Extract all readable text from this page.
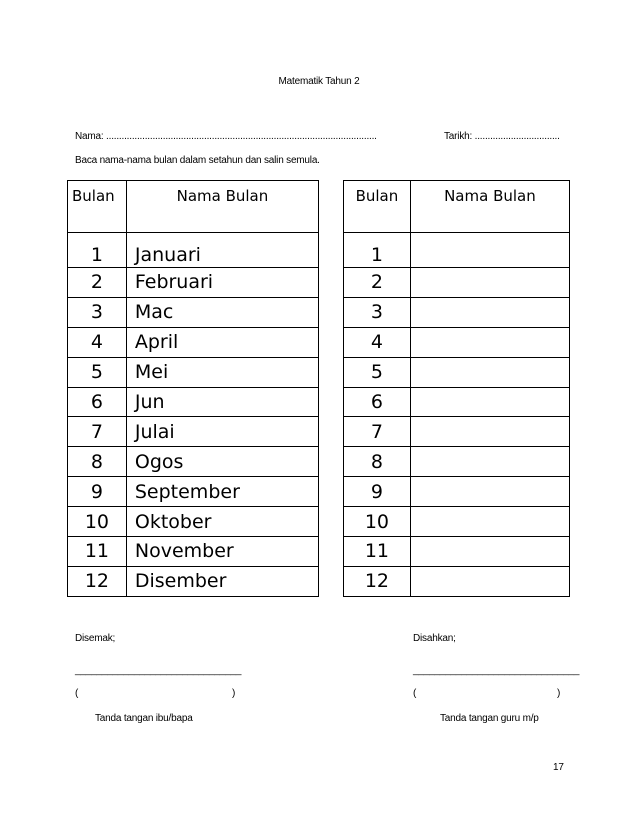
Matematik Tahun 2
Nama: .........................................................................................................	Tarikh: .................................
Baca nama-nama bulan dalam setahun dan salin semula.
Bulan	Nama Bulan
1	Januari
2	Februari
3	Mac
4	April
5	Mei
6	Jun
7	Julai
8	Ogos
9	September
10	Oktober
11	November
12	Disember
Bulan	Nama Bulan
1	
2	
3	
4	
5	
6	
7	
8	
9	
10	
11	
12	
Disemak;	Disahkan;
_______________________________	_______________________________
(	)	(	)
Tanda tangan ibu/bapa	Tanda tangan guru m/p
17
